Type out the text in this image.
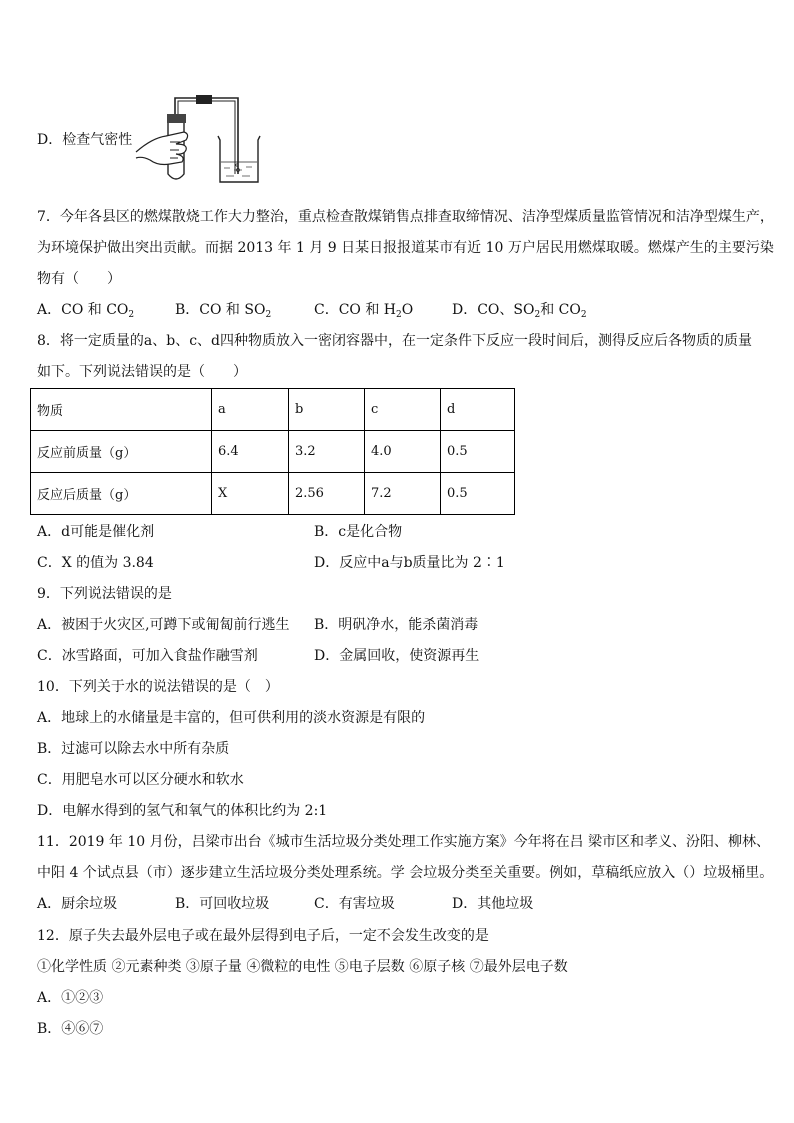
D．检查气密性
7．今年各县区的燃煤散烧工作大力整治，重点检查散煤销售点排查取缔情况、洁净型煤质量监管情况和洁净型煤生产，
为环境保护做出突出贡献。而据 2013 年 1 月 9 日某日报报道某市有近 10 万户居民用燃煤取暖。燃煤产生的主要污染
物有（　　）
A．CO 和 $CO_2$	B．CO 和 $SO_2$	C．CO 和 $H_2O$	D．CO、$SO_2$和 $CO_2$
8．将一定质量的a、b、c、d四种物质放入一密闭容器中，在一定条件下反应一段时间后，测得反应后各物质的质量
如下。下列说法错误的是（　　）
物质	a	b	c	d
反应前质量（g）	6.4	3.2	4.0	0.5
反应后质量（g）	X	2.56	7.2	0.5
A．d可能是催化剂	B．c是化合物
C．X 的值为 3.84	D．反应中a与b质量比为 2∶1
9．下列说法错误的是
A．被困于火灾区,可蹲下或匍匐前行逃生 B．明矾净水，能杀菌消毒
C．冰雪路面，可加入食盐作融雪剂	D．金属回收，使资源再生
10．下列关于水的说法错误的是（　）
A．地球上的水储量是丰富的，但可供利用的淡水资源是有限的
B．过滤可以除去水中所有杂质
C．用肥皂水可以区分硬水和软水
D．电解水得到的氢气和氧气的体积比约为 2:1
11．2019 年 10 月份，吕梁市出台《城市生活垃圾分类处理工作实施方案》今年将在吕 梁市区和孝义、汾阳、柳林、
中阳 4 个试点县（市）逐步建立生活垃圾分类处理系统。学 会垃圾分类至关重要。例如，草稿纸应放入（）垃圾桶里。
A．厨余垃圾	B．可回收垃圾	C．有害垃圾	D．其他垃圾
12．原子失去最外层电子或在最外层得到电子后，一定不会发生改变的是
①化学性质 ②元素种类 ③原子量 ④微粒的电性 ⑤电子层数 ⑥原子核 ⑦最外层电子数
A．①②③
B．④⑥⑦
